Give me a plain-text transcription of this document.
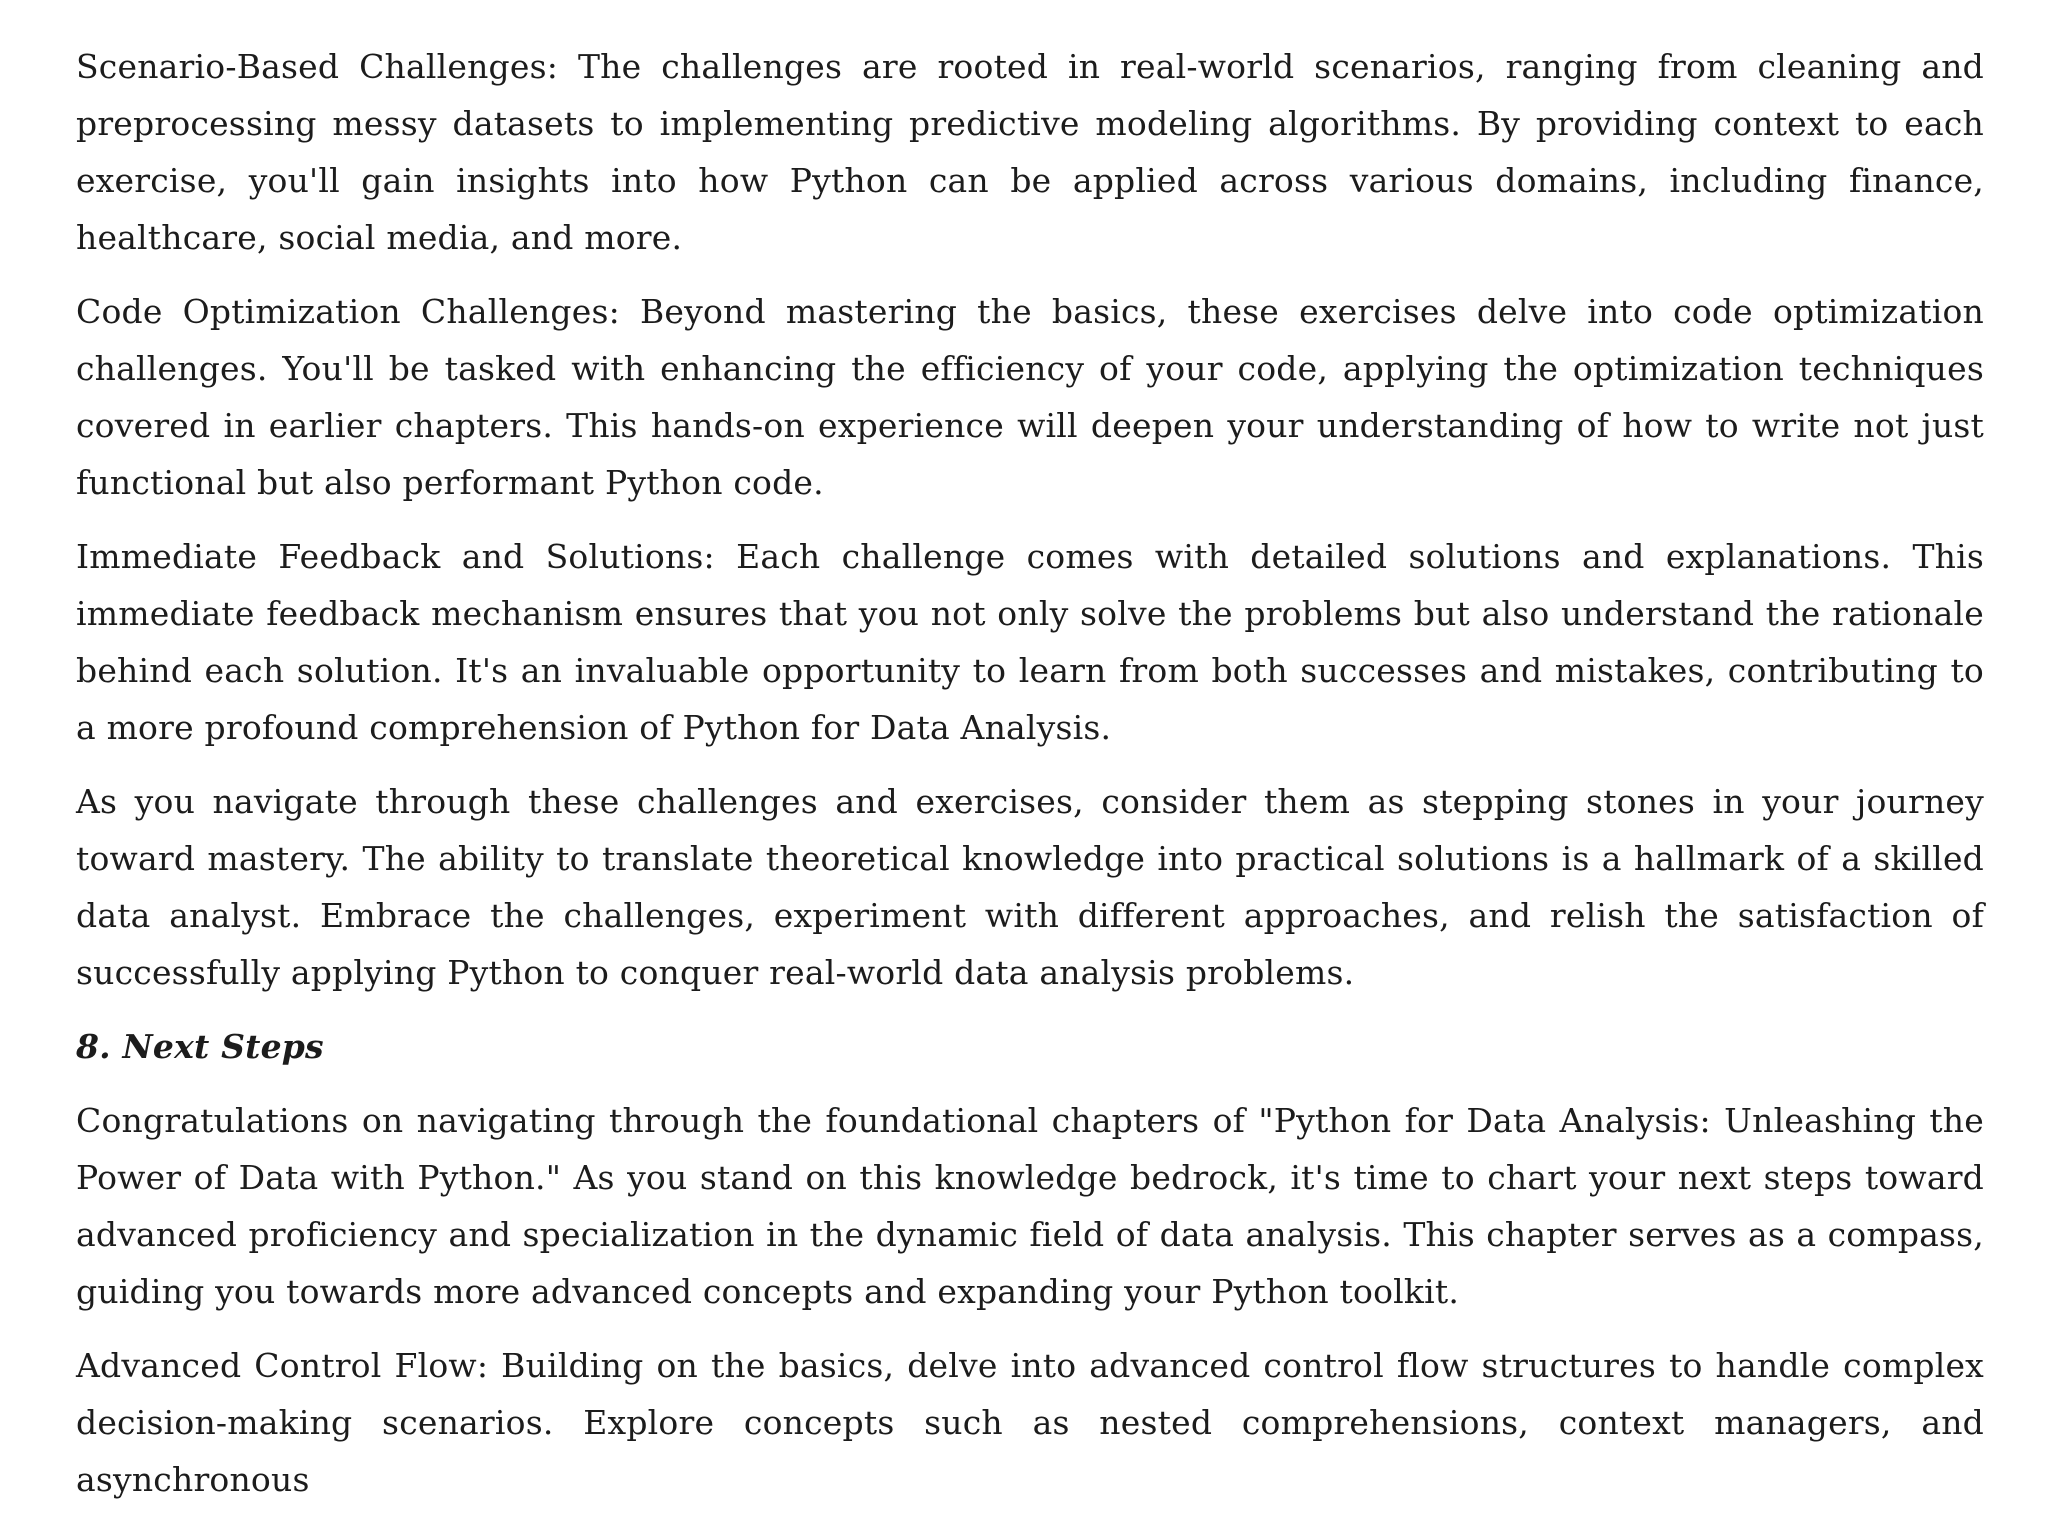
Scenario-Based Challenges: The challenges are rooted in real-world scenarios, ranging from cleaning and preprocessing messy datasets to implementing predictive modeling algorithms. By providing context to each exercise, you'll gain insights into how Python can be applied across various domains, including finance, healthcare, social media, and more.

Code Optimization Challenges: Beyond mastering the basics, these exercises delve into code optimization challenges. You'll be tasked with enhancing the efficiency of your code, applying the optimization techniques covered in earlier chapters. This hands-on experience will deepen your understanding of how to write not just functional but also performant Python code.

Immediate Feedback and Solutions: Each challenge comes with detailed solutions and explanations. This immediate feedback mechanism ensures that you not only solve the problems but also understand the rationale behind each solution. It's an invaluable opportunity to learn from both successes and mistakes, contributing to a more profound comprehension of Python for Data Analysis.

As you navigate through these challenges and exercises, consider them as stepping stones in your journey toward mastery. The ability to translate theoretical knowledge into practical solutions is a hallmark of a skilled data analyst. Embrace the challenges, experiment with different approaches, and relish the satisfaction of successfully applying Python to conquer real-world data analysis problems.

8. Next Steps

Congratulations on navigating through the foundational chapters of "Python for Data Analysis: Unleashing the Power of Data with Python." As you stand on this knowledge bedrock, it's time to chart your next steps toward advanced proficiency and specialization in the dynamic field of data analysis. This chapter serves as a compass, guiding you towards more advanced concepts and expanding your Python toolkit.

Advanced Control Flow: Building on the basics, delve into advanced control flow structures to handle complex decision-making scenarios. Explore concepts such as nested comprehensions, context managers, and asynchronous
